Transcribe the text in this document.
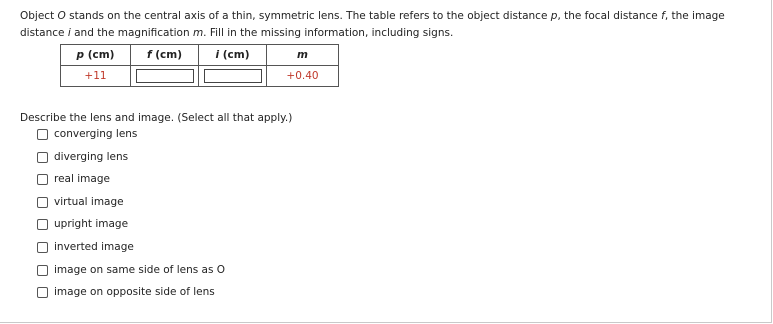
Object O stands on the central axis of a thin, symmetric lens. The table refers to the object distance p, the focal distance f, the image distance i and the magnification m. Fill in the missing information, including signs.
p (cm)	f (cm)	i (cm)	m
+11			+0.40
Describe the lens and image. (Select all that apply.)
converging lens
diverging lens
real image
virtual image
upright image
inverted image
image on same side of lens as O
image on opposite side of lens
